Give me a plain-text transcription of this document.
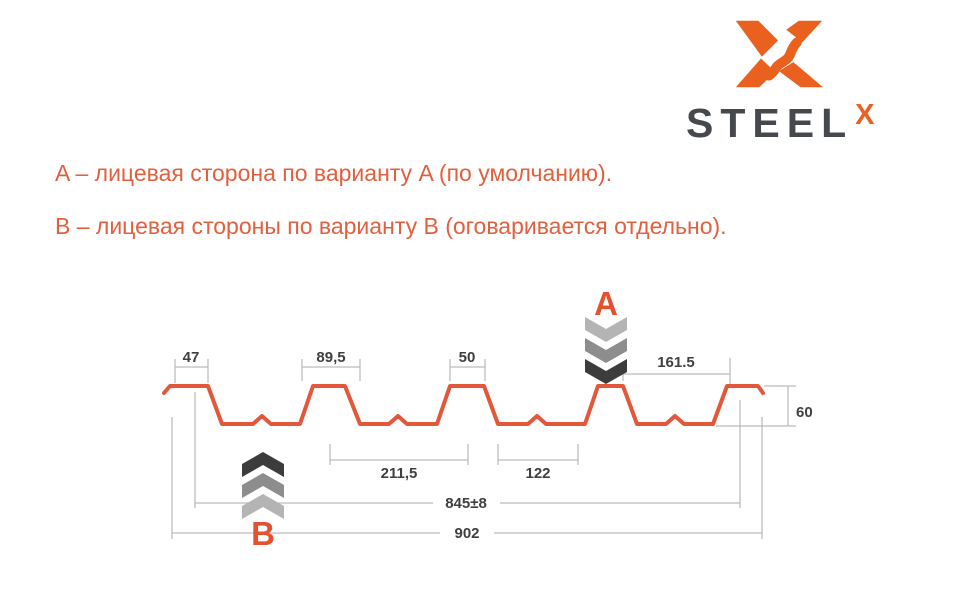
STEELX
A – лицевая сторона по варианту A (по умолчанию).
B – лицевая стороны по варианту B (оговаривается отдельно).
47	89,5	50	161.5
60
211,5	122
845±8
902
A
B
